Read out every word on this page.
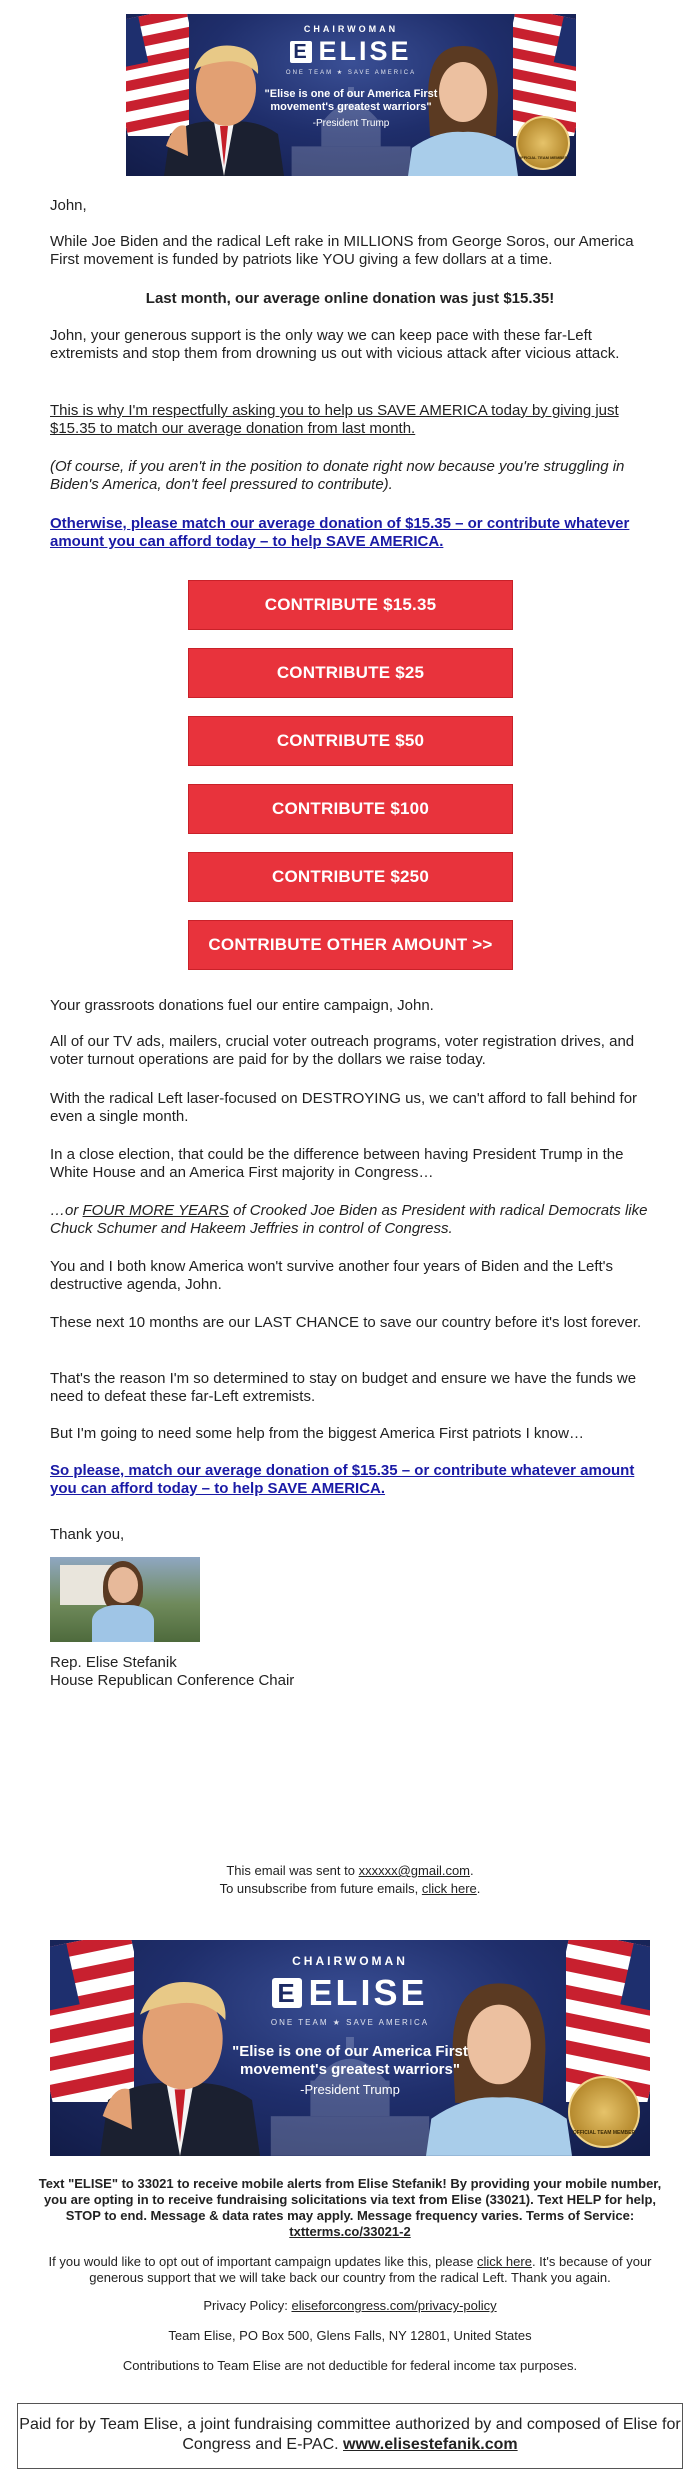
CHAIRWOMAN
E ELISE
ONE TEAM ★ SAVE AMERICA
"Elise is one of our America First movement's greatest warriors"
-President Trump
OFFICIAL TEAM MEMBER

John,

While Joe Biden and the radical Left rake in MILLIONS from George Soros, our America First movement is funded by patriots like YOU giving a few dollars at a time.

Last month, our average online donation was just $15.35!

John, your generous support is the only way we can keep pace with these far-Left extremists and stop them from drowning us out with vicious attack after vicious attack.

This is why I'm respectfully asking you to help us SAVE AMERICA today by giving just $15.35 to match our average donation from last month.

(Of course, if you aren't in the position to donate right now because you're struggling in Biden's America, don't feel pressured to contribute).

Otherwise, please match our average donation of $15.35 – or contribute whatever amount you can afford today – to help SAVE AMERICA.

CONTRIBUTE $15.35
CONTRIBUTE $25
CONTRIBUTE $50
CONTRIBUTE $100
CONTRIBUTE $250
CONTRIBUTE OTHER AMOUNT >>

Your grassroots donations fuel our entire campaign, John.

All of our TV ads, mailers, crucial voter outreach programs, voter registration drives, and voter turnout operations are paid for by the dollars we raise today.

With the radical Left laser-focused on DESTROYING us, we can't afford to fall behind for even a single month.

In a close election, that could be the difference between having President Trump in the White House and an America First majority in Congress…

…or FOUR MORE YEARS of Crooked Joe Biden as President with radical Democrats like Chuck Schumer and Hakeem Jeffries in control of Congress.

You and I both know America won't survive another four years of Biden and the Left's destructive agenda, John.

These next 10 months are our LAST CHANCE to save our country before it's lost forever.

That's the reason I'm so determined to stay on budget and ensure we have the funds we need to defeat these far-Left extremists.

But I'm going to need some help from the biggest America First patriots I know…

So please, match our average donation of $15.35 – or contribute whatever amount you can afford today – to help SAVE AMERICA.

Thank you,

Rep. Elise Stefanik

House Republican Conference Chair

This email was sent to xxxxxx@gmail.com.

To unsubscribe from future emails, click here.

CHAIRWOMAN
E ELISE
ONE TEAM ★ SAVE AMERICA
"Elise is one of our America First movement's greatest warriors"
-President Trump
OFFICIAL TEAM MEMBER

Text "ELISE" to 33021 to receive mobile alerts from Elise Stefanik! By providing your mobile number, you are opting in to receive fundraising solicitations via text from Elise (33021). Text HELP for help, STOP to end. Message & data rates may apply. Message frequency varies. Terms of Service: txtterms.co/33021-2

If you would like to opt out of important campaign updates like this, please click here. It's because of your generous support that we will take back our country from the radical Left. Thank you again.

Privacy Policy: eliseforcongress.com/privacy-policy

Team Elise, PO Box 500, Glens Falls, NY 12801, United States

Contributions to Team Elise are not deductible for federal income tax purposes.

Paid for by Team Elise, a joint fundraising committee authorized by and composed of Elise for Congress and E-PAC. www.elisestefanik.com
